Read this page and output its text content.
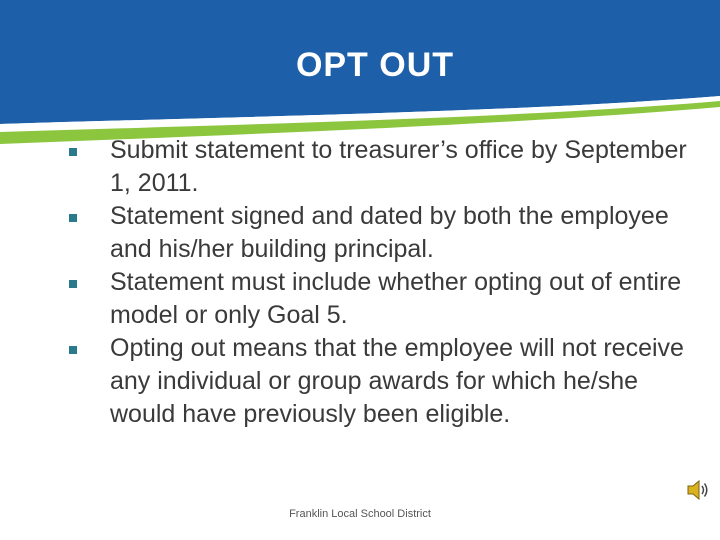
OPT OUT
Submit statement to treasurer’s office by September 1, 2011.
Statement signed and dated by both the employee and his/her building principal.
Statement must include whether opting out of entire model or only Goal 5.
Opting out means that the employee will not receive any individual or group awards for which he/she would have previously been eligible.
Franklin Local School District
